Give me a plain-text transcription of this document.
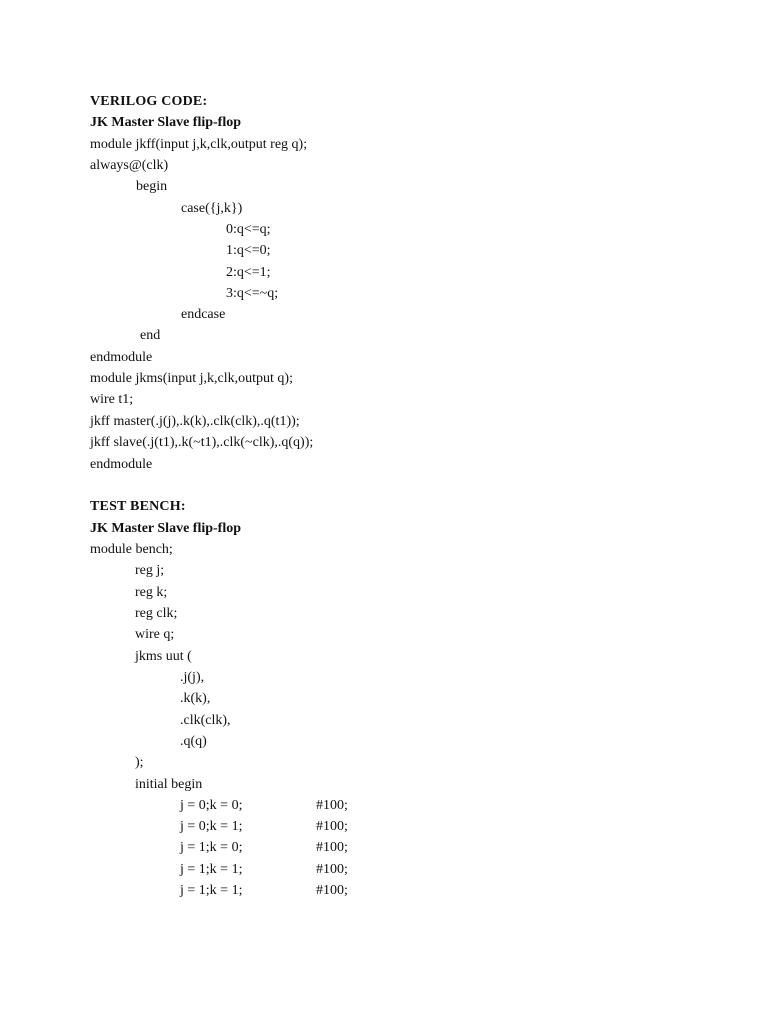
VERILOG CODE:
JK Master Slave flip-flop
module jkff(input j,k,clk,output reg q);
always@(clk)
begin
case({j,k})
0:q<=q;
1:q<=0;
2:q<=1;
3:q<=~q;
endcase
end
endmodule
module jkms(input j,k,clk,output q);
wire t1;
jkff master(.j(j),.k(k),.clk(clk),.q(t1));
jkff slave(.j(t1),.k(~t1),.clk(~clk),.q(q));
endmodule
TEST BENCH:
JK Master Slave flip-flop
module bench;
reg j;
reg k;
reg clk;
wire q;
jkms uut (
.j(j),
.k(k),
.clk(clk),
.q(q)
);
initial begin
j = 0;k = 0;	#100;
j = 0;k = 1;	#100;
j = 1;k = 0;	#100;
j = 1;k = 1;	#100;
j = 1;k = 1;	#100;
